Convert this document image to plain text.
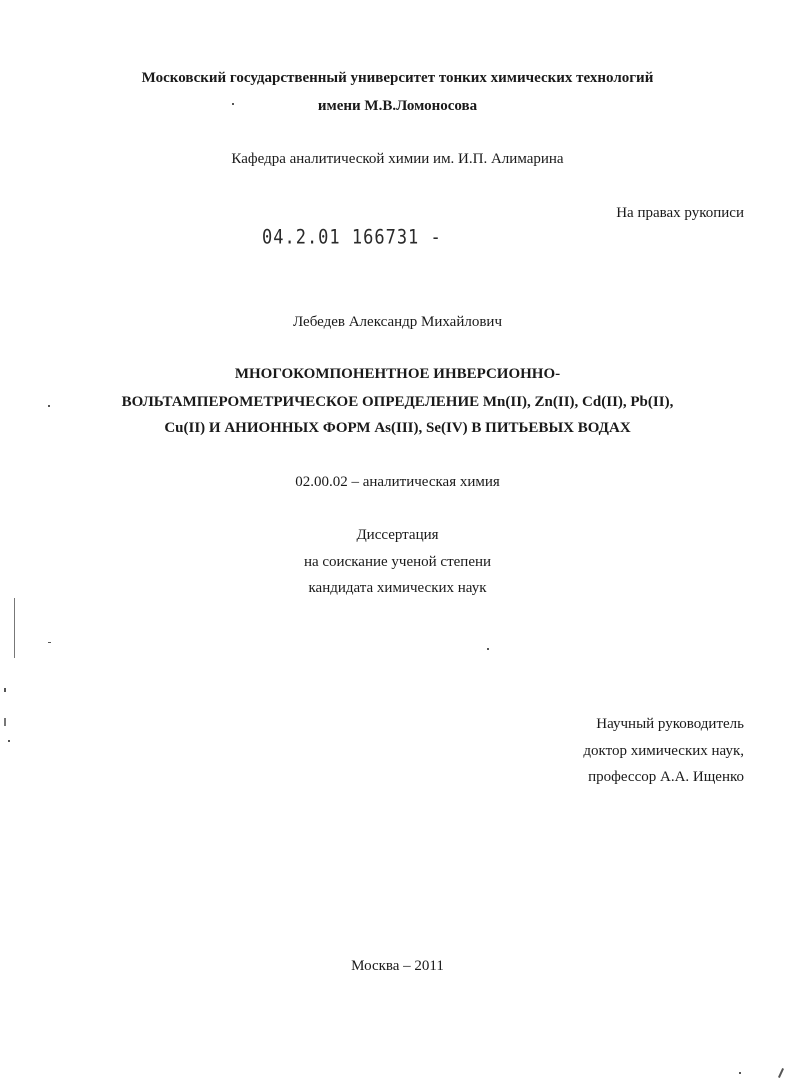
Московский государственный университет тонких химических технологий
имени М.В.Ломоносова
Кафедра аналитической химии им. И.П. Алимарина
На правах рукописи
04.2.01 166731 -
Лебедев Александр Михайлович
МНОГОКОМПОНЕНТНОЕ ИНВЕРСИОННО-
ВОЛЬТАМПЕРОМЕТРИЧЕСКОЕ ОПРЕДЕЛЕНИЕ Mn(II), Zn(II), Cd(II), Pb(II),
Cu(II) И АНИОННЫХ ФОРМ As(III), Se(IV) В ПИТЬЕВЫХ ВОДАХ
02.00.02 – аналитическая химия
Диссертация
на соискание ученой степени
кандидата химических наук
Научный руководитель
доктор химических наук,
профессор А.А. Ищенко
Москва – 2011
